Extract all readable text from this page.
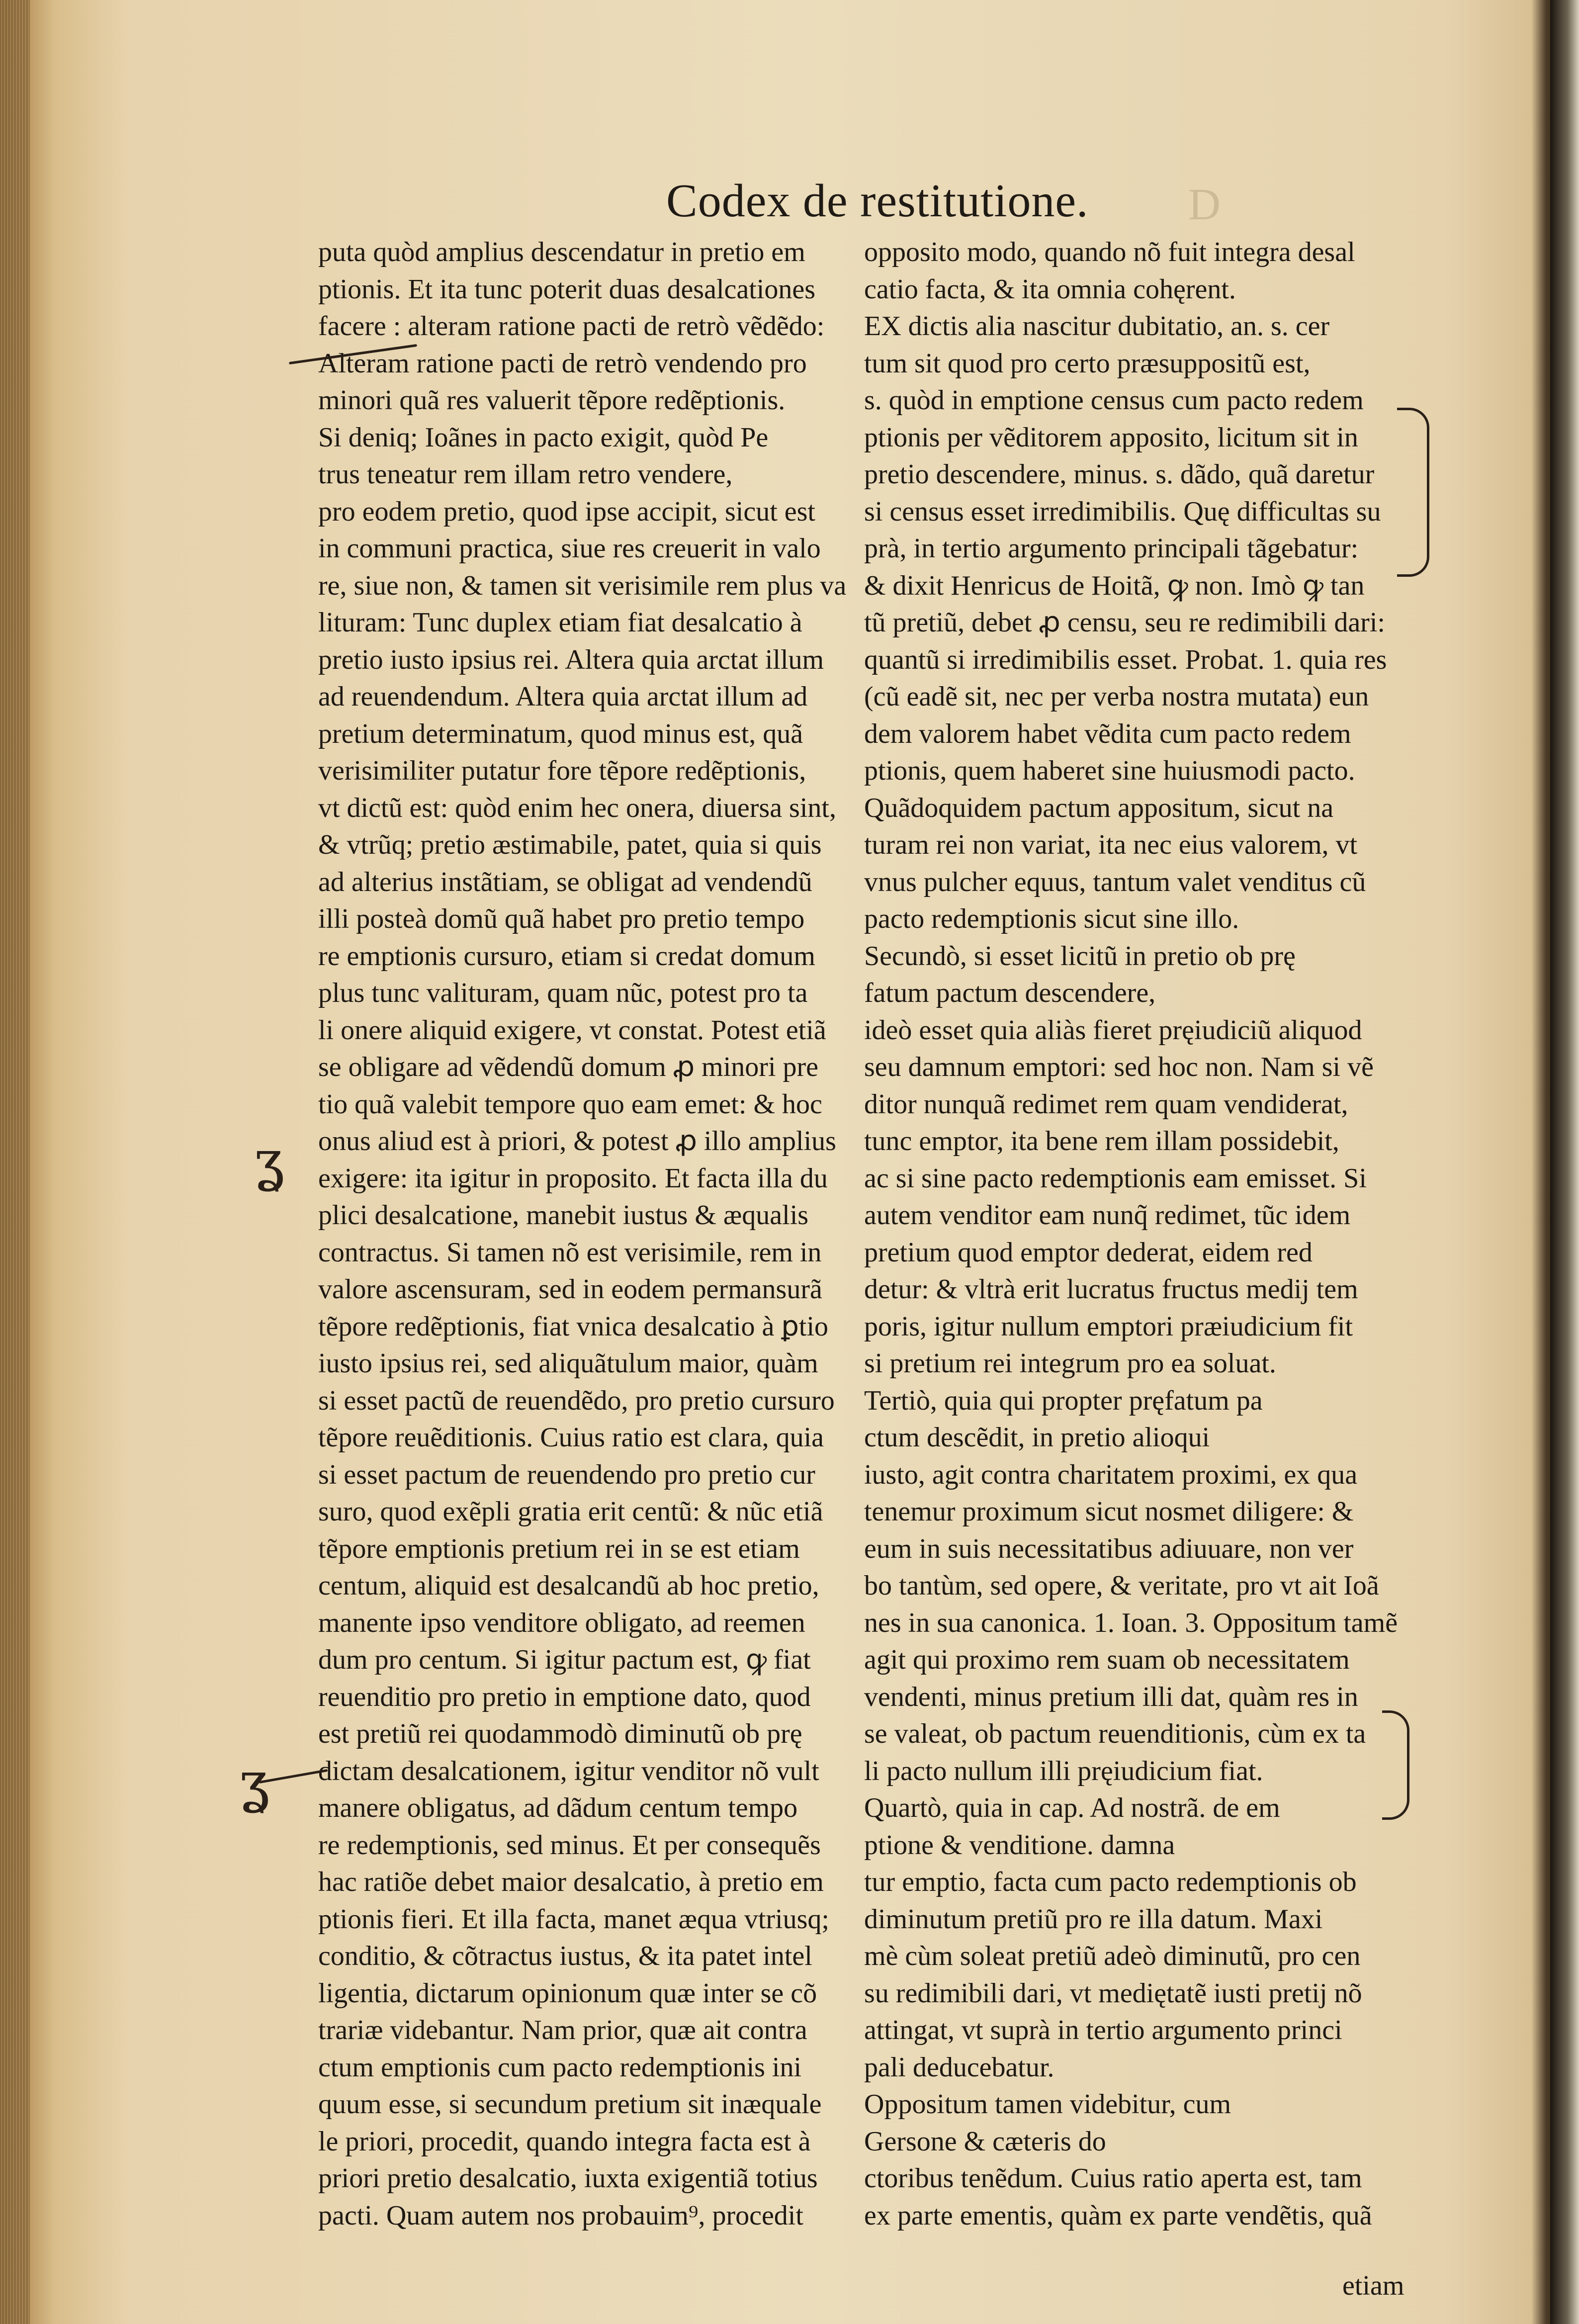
D
Codex de restitutione.
puta quòd amplius descendatur in pretio em
ptionis. Et ita tunc poterit duas desalcationes
facere : alteram ratione pacti de retrò vẽdẽdo:
Alteram ratione pacti de retrò vendendo pro
minori quã res valuerit tẽpore redẽptionis.
Si deniq; Ioãnes in pacto exigit, quòd Pe
trus teneatur rem illam retro vendere,
pro eodem pretio, quod ipse accipit, sicut est
in communi practica, siue res creuerit in valo
re, siue non, & tamen sit verisimile rem plus va
lituram: Tunc duplex etiam fiat desalcatio à
pretio iusto ipsius rei. Altera quia arctat illum
ad reuendendum. Altera quia arctat illum ad
pretium determinatum, quod minus est, quã
verisimiliter putatur fore tẽpore redẽptionis,
vt dictũ est: quòd enim hec onera, diuersa sint,
& vtrũq; pretio æstimabile, patet, quia si quis
ad alterius instãtiam, se obligat ad vendendũ
illi posteà domũ quã habet pro pretio tempo
re emptionis cursuro, etiam si credat domum
plus tunc valituram, quam nũc, potest pro ta
li onere aliquid exigere, vt constat. Potest etiã
se obligare ad vẽdendũ domum ꝓ minori pre
tio quã valebit tempore quo eam emet: & hoc
onus aliud est à priori, & potest ꝓ illo amplius
exigere: ita igitur in proposito. Et facta illa du
plici desalcatione, manebit iustus & æqualis
contractus. Si tamen nõ est verisimile, rem in
valore ascensuram, sed in eodem permansurã
tẽpore redẽptionis, fiat vnica desalcatio à ꝑtio
iusto ipsius rei, sed aliquãtulum maior, quàm
si esset pactũ de reuendẽdo, pro pretio cursuro
tẽpore reuẽditionis. Cuius ratio est clara, quia
si esset pactum de reuendendo pro pretio cur
suro, quod exẽpli gratia erit centũ: & nũc etiã
tẽpore emptionis pretium rei in se est etiam
centum, aliquid est desalcandũ ab hoc pretio,
manente ipso venditore obligato, ad reemen
dum pro centum. Si igitur pactum est, ꝙ fiat
reuenditio pro pretio in emptione dato, quod
est pretiũ rei quodammodò diminutũ ob prę
dictam desalcationem, igitur venditor nõ vult
manere obligatus, ad dãdum centum tempo
re redemptionis, sed minus. Et per consequẽs
hac ratiõe debet maior desalcatio, à pretio em
ptionis fieri. Et illa facta, manet æqua vtriusq;
conditio, & cõtractus iustus, & ita patet intel
ligentia, dictarum opinionum quæ inter se cõ
trariæ videbantur. Nam prior, quæ ait contra
ctum emptionis cum pacto redemptionis ini
quum esse, si secundum pretium sit inæquale
le priori, procedit, quando integra facta est à
priori pretio desalcatio, iuxta exigentiã totius
pacti. Quam autem nos probauim⁹, procedit
opposito modo, quando nõ fuit integra desal
catio facta, & ita omnia cohęrent.
EX dictis alia nascitur dubitatio, an. s. cer
tum sit quod pro certo præsuppositũ est,
s. quòd in emptione census cum pacto redem
ptionis per vẽditorem apposito, licitum sit in
pretio descendere, minus. s. dãdo, quã daretur
si census esset irredimibilis. Quę difficultas su
prà, in tertio argumento principali tãgebatur:
& dixit Henricus de Hoitã, ꝙ non. Imò ꝙ tan
tũ pretiũ, debet ꝓ censu, seu re redimibili dari:
quantũ si irredimibilis esset. Probat. 1. quia res
(cũ eadẽ sit, nec per verba nostra mutata) eun
dem valorem habet vẽdita cum pacto redem
ptionis, quem haberet sine huiusmodi pacto.
Quãdoquidem pactum appositum, sicut na
turam rei non variat, ita nec eius valorem, vt
vnus pulcher equus, tantum valet venditus cũ
pacto redemptionis sicut sine illo.
Secundò, si esset licitũ in pretio ob prę
fatum pactum descendere,
ideò esset quia aliàs fieret pręiudiciũ aliquod
seu damnum emptori: sed hoc non. Nam si vẽ
ditor nunquã redimet rem quam vendiderat,
tunc emptor, ita bene rem illam possidebit,
ac si sine pacto redemptionis eam emisset. Si
autem venditor eam nunq̃ redimet, tũc idem
pretium quod emptor dederat, eidem red
detur: & vltrà erit lucratus fructus medij tem
poris, igitur nullum emptori præiudicium fit
si pretium rei integrum pro ea soluat.
Tertiò, quia qui propter pręfatum pa
ctum descẽdit, in pretio alioqui
iusto, agit contra charitatem proximi, ex qua
tenemur proximum sicut nosmet diligere: &
eum in suis necessitatibus adiuuare, non ver
bo tantùm, sed opere, & veritate, pro vt ait Ioã
nes in sua canonica. 1. Ioan. 3. Oppositum tamẽ
agit qui proximo rem suam ob necessitatem
vendenti, minus pretium illi dat, quàm res in
se valeat, ob pactum reuenditionis, cùm ex ta
li pacto nullum illi pręiudicium fiat.
Quartò, quia in cap. Ad nostrã. de em
ptione & venditione. damna
tur emptio, facta cum pacto redemptionis ob
diminutum pretiũ pro re illa datum. Maxi
mè cùm soleat pretiũ adeò diminutũ, pro cen
su redimibili dari, vt mediętatẽ iusti pretij nõ
attingat, vt suprà in tertio argumento princi
pali deducebatur.
Oppositum tamen videbitur, cum
Gersone & cæteris do
ctoribus tenẽdum. Cuius ratio aperta est, tam
ex parte ementis, quàm ex parte vendẽtis, quã
etiam
ʓ
ʓ
